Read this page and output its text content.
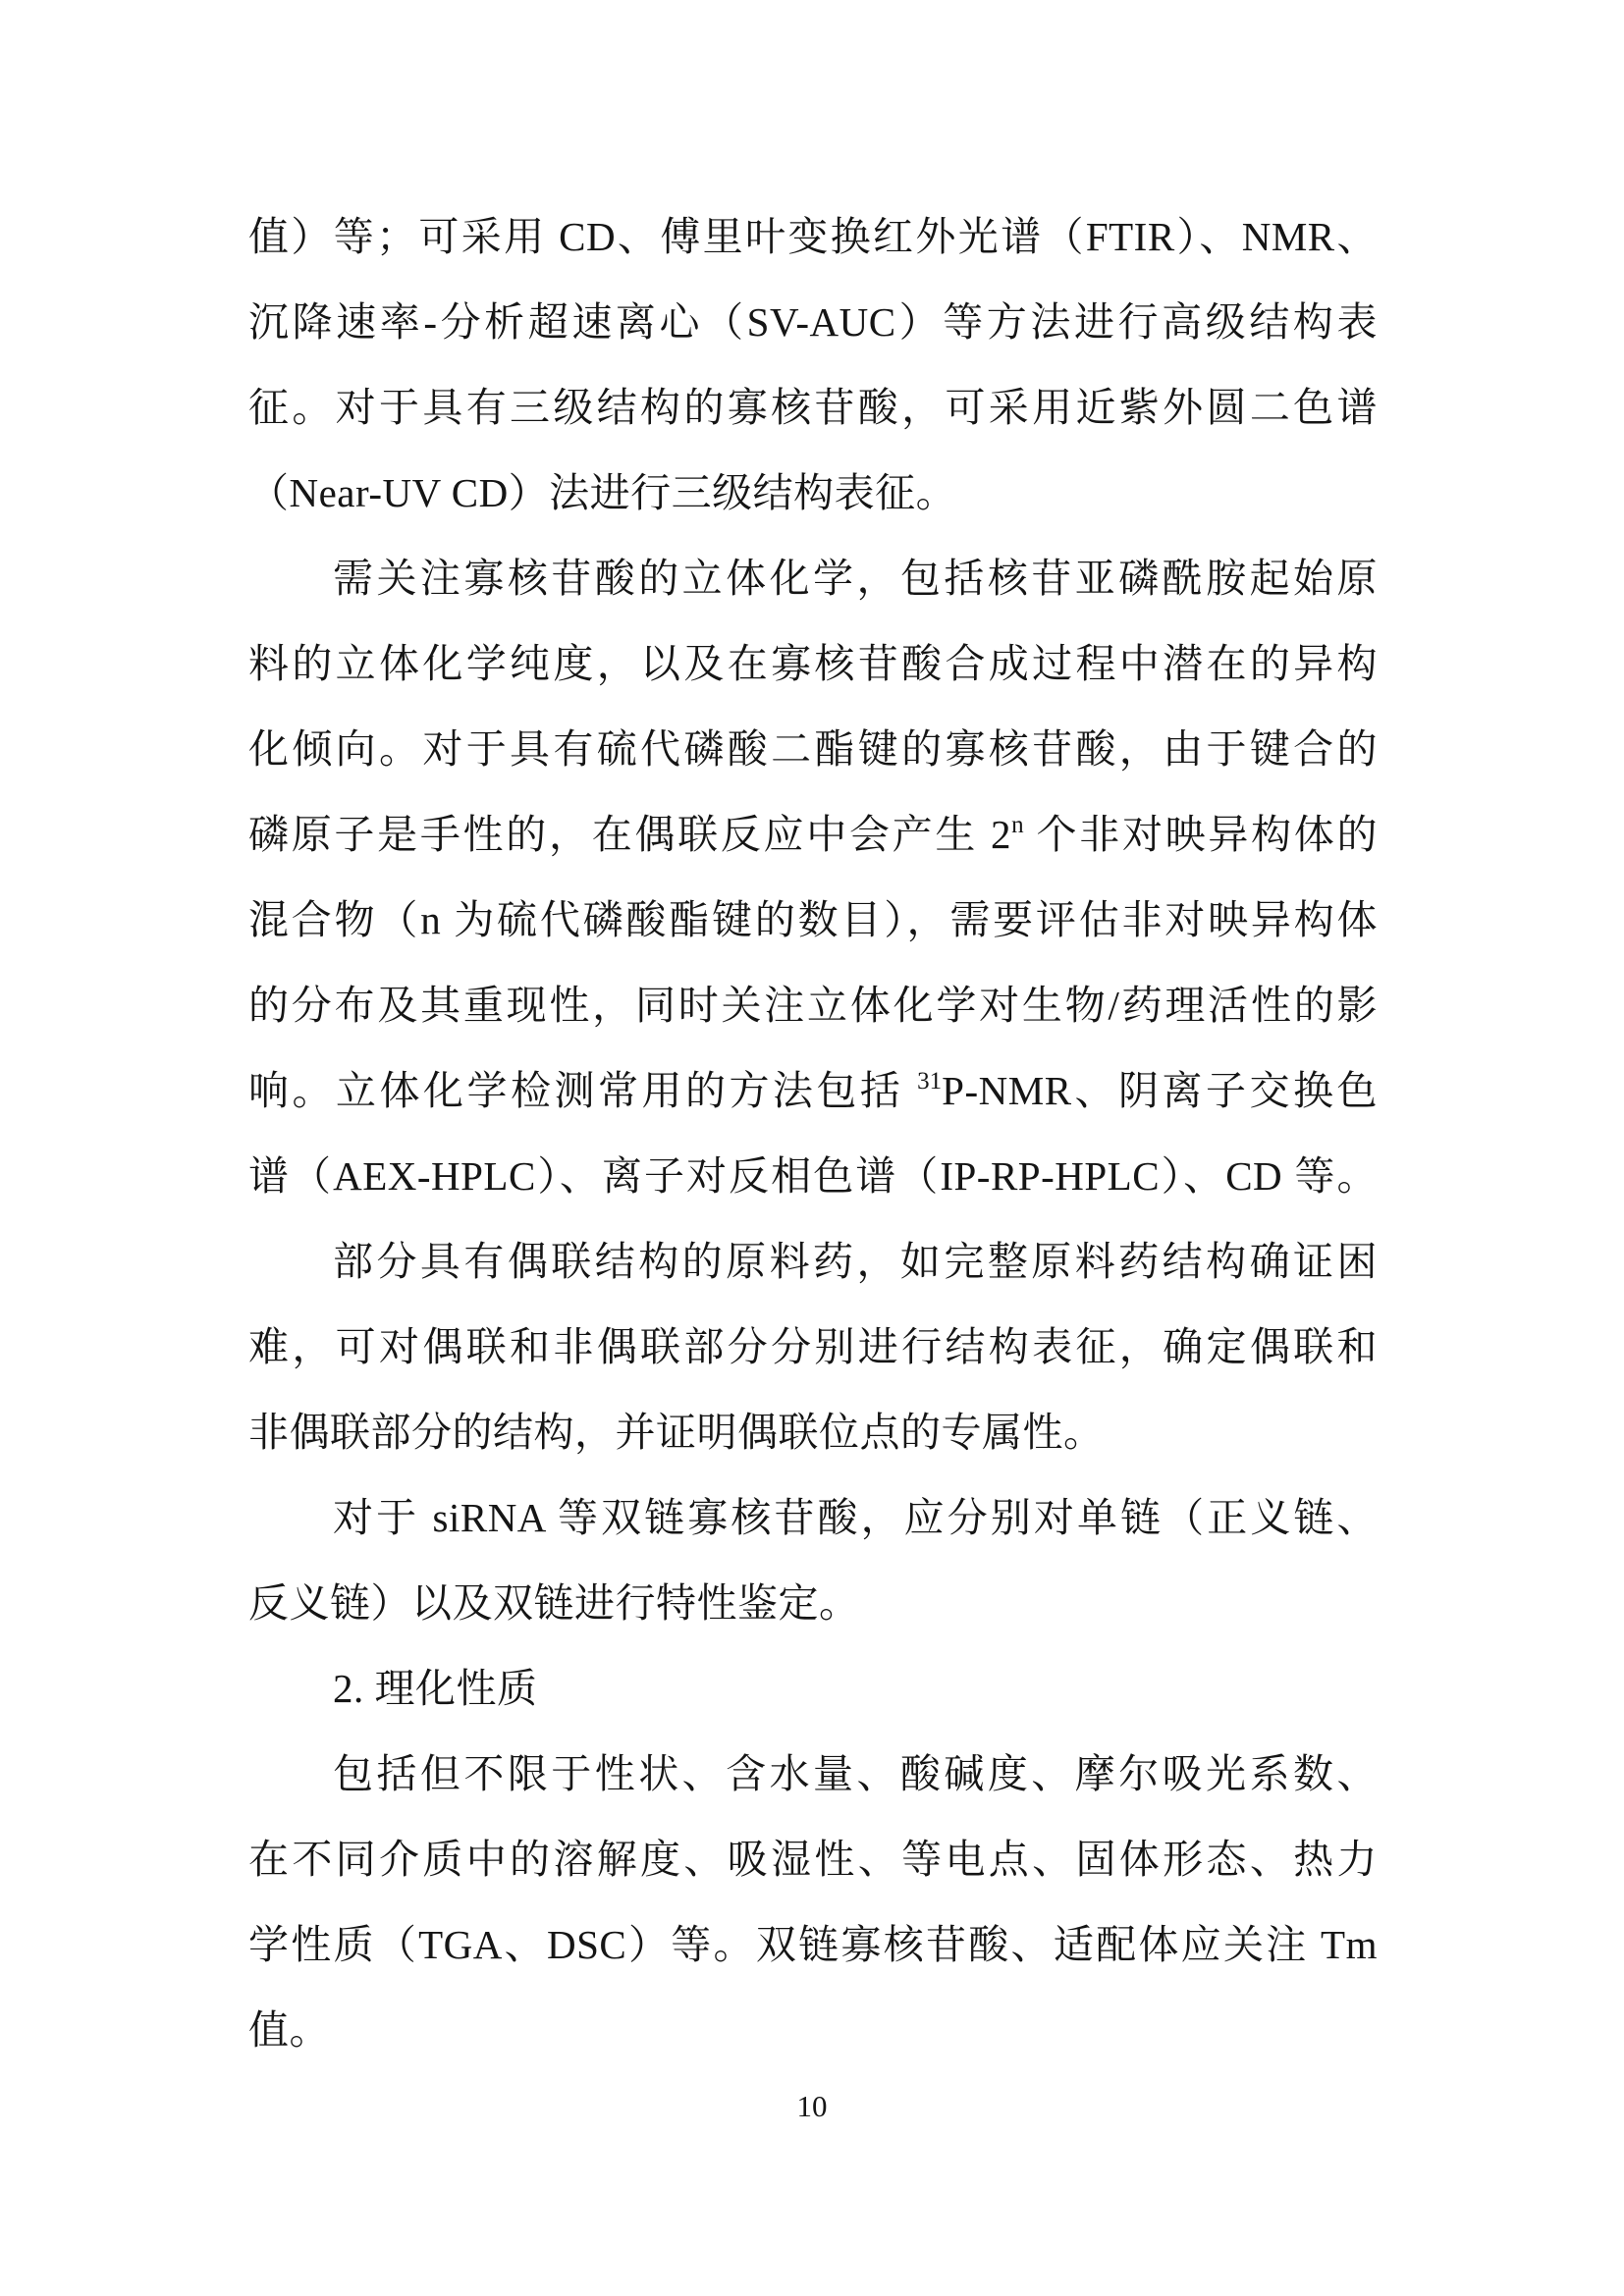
值）等；可采用 CD、傅里叶变换红外光谱（FTIR）、NMR、
沉降速率-分析超速离心（SV-AUC）等方法进行高级结构表
征。对于具有三级结构的寡核苷酸，可采用近紫外圆二色谱
（Near-UV CD）法进行三级结构表征。
需关注寡核苷酸的立体化学，包括核苷亚磷酰胺起始原
料的立体化学纯度，以及在寡核苷酸合成过程中潜在的异构
化倾向。对于具有硫代磷酸二酯键的寡核苷酸，由于键合的
磷原子是手性的，在偶联反应中会产生 2$^n$ 个非对映异构体的
混合物（n 为硫代磷酸酯键的数目），需要评估非对映异构体
的分布及其重现性，同时关注立体化学对生物/药理活性的影
响。立体化学检测常用的方法包括 $^{31}$P-NMR、阴离子交换色
谱（AEX-HPLC）、离子对反相色谱（IP-RP-HPLC）、CD 等。
部分具有偶联结构的原料药，如完整原料药结构确证困
难，可对偶联和非偶联部分分别进行结构表征，确定偶联和
非偶联部分的结构，并证明偶联位点的专属性。
对于 siRNA 等双链寡核苷酸，应分别对单链（正义链、
反义链）以及双链进行特性鉴定。
2. 理化性质
包括但不限于性状、含水量、酸碱度、摩尔吸光系数、
在不同介质中的溶解度、吸湿性、等电点、固体形态、热力
学性质（TGA、DSC）等。双链寡核苷酸、适配体应关注 Tm
值。
10
